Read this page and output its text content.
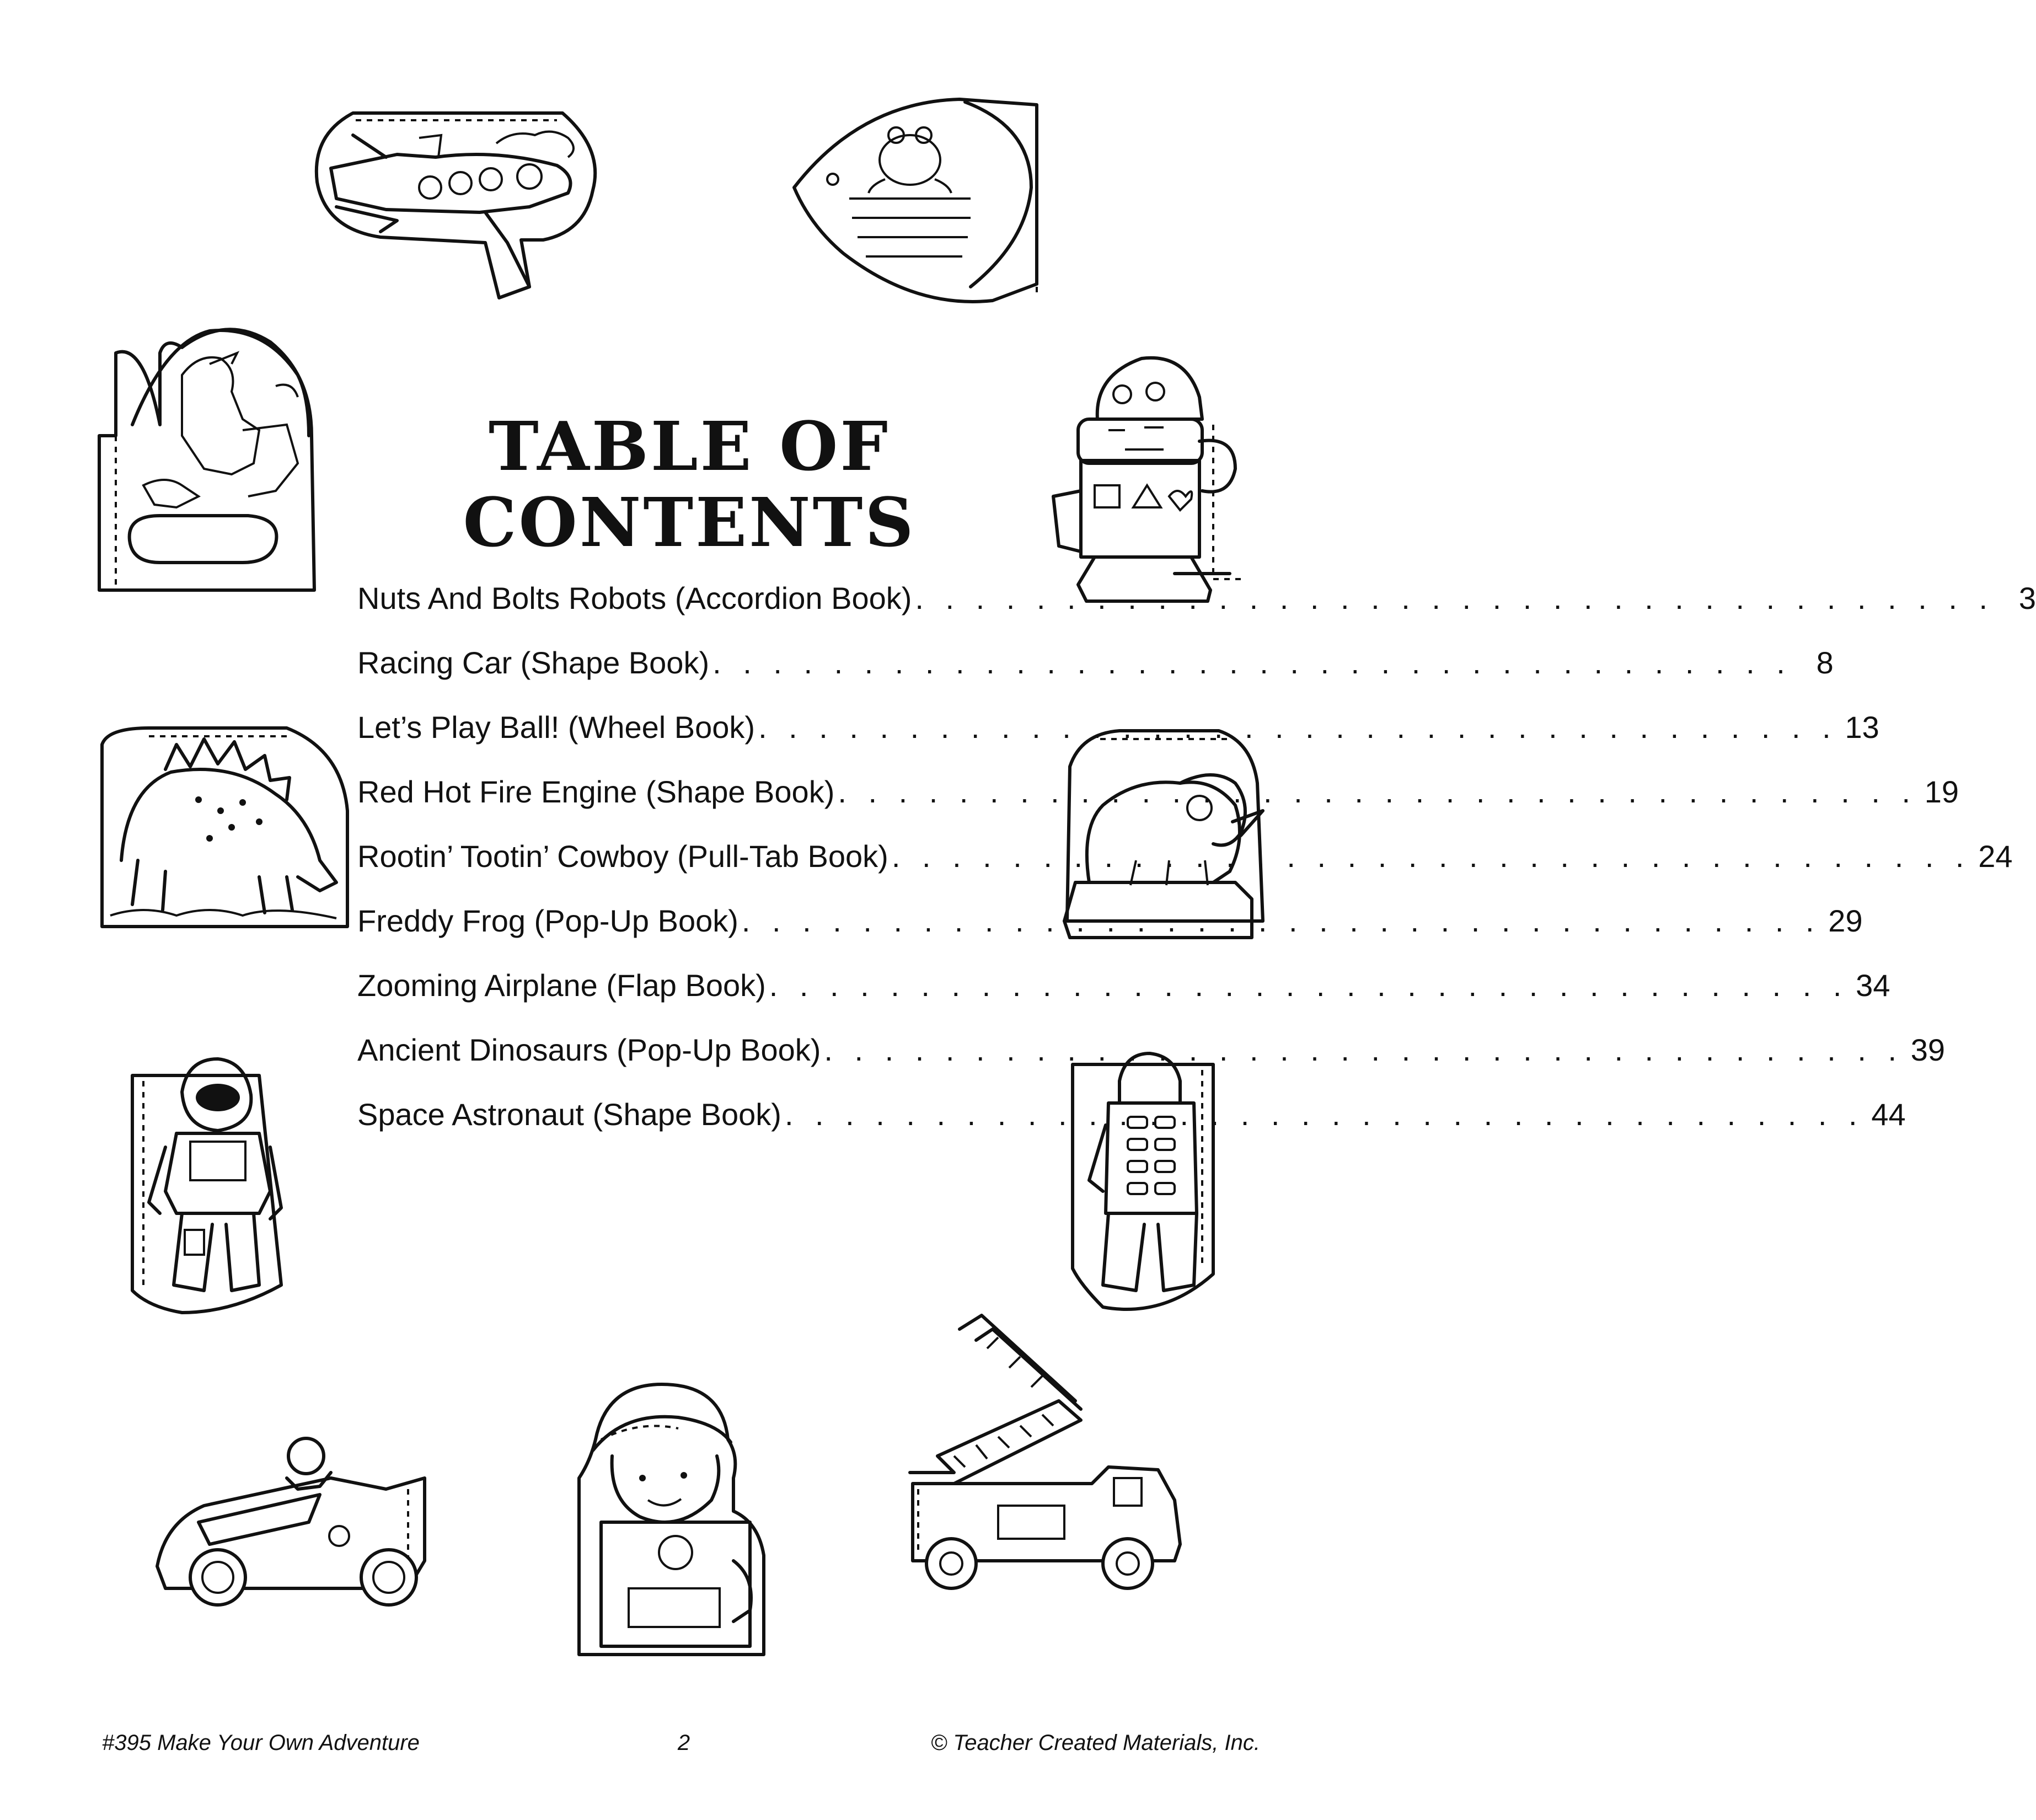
TABLE OF
CONTENTS
Nuts And Bolts Robots (Accordion Book) . . . . . . . . . . . . . . . . . . . . . . . . . . . . . . . . . . . . 3
Racing Car (Shape Book) . . . . . . . . . . . . . . . . . . . . . . . . . . . . . . . . . . . . 8
Let’s Play Ball! (Wheel Book) . . . . . . . . . . . . . . . . . . . . . . . . . . . . . . . . . . . . 13
Red Hot Fire Engine (Shape Book) . . . . . . . . . . . . . . . . . . . . . . . . . . . . . . . . . . . . 19
Rootin’ Tootin’ Cowboy (Pull-Tab Book) . . . . . . . . . . . . . . . . . . . . . . . . . . . . . . . . . . . . 24
Freddy Frog (Pop-Up Book) . . . . . . . . . . . . . . . . . . . . . . . . . . . . . . . . . . . . 29
Zooming Airplane (Flap Book) . . . . . . . . . . . . . . . . . . . . . . . . . . . . . . . . . . . . 34
Ancient Dinosaurs (Pop-Up Book) . . . . . . . . . . . . . . . . . . . . . . . . . . . . . . . . . . . . 39
Space Astronaut (Shape Book) . . . . . . . . . . . . . . . . . . . . . . . . . . . . . . . . . . . . 44
#395 Make Your Own Adventure	2	© Teacher Created Materials, Inc.
